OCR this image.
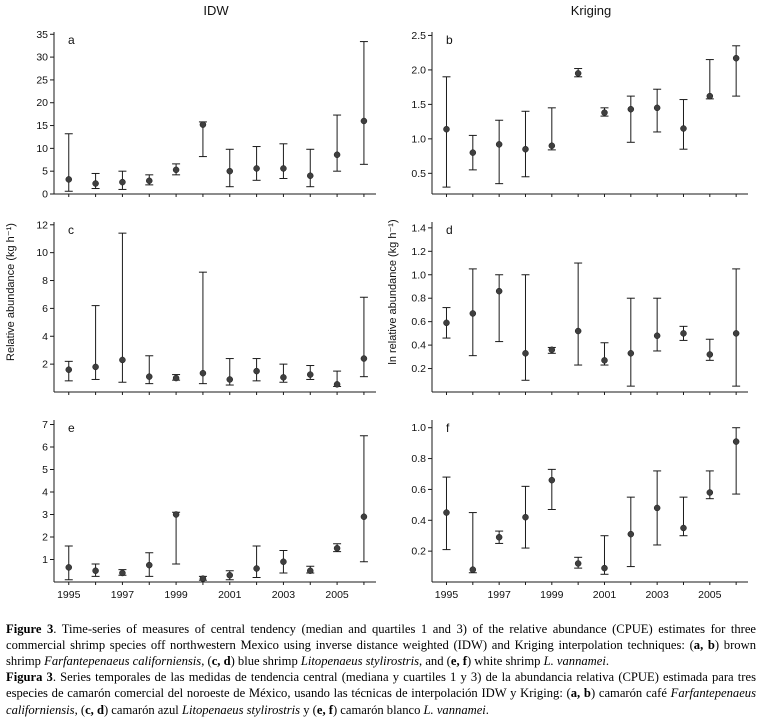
IDW	Kriging
Relative abundance (kg h⁻¹)	ln relative abundance (kg h⁻¹)
0
5
10
15
20
25
30
35 a
0.5
1.0
1.5
2.0
2.5 b
2
4
6
8
10
12 c
0.2
0.4
0.6
0.8
1.0
1.2
1.4 d
1
2
3
4
5
6
7
1995	1997	1999	2001	2003	2005
e
0.2
0.4
0.6
0.8
1.0
1995	1997	1999	2001	2003	2005
f

Figure 3. Time-series of measures of central tendency (median and quartiles 1 and 3) of the relative abundance (CPUE) estimates for three commercial shrimp species off northwestern Mexico using inverse distance weighted (IDW) and Kriging interpolation techniques: (a, b) brown shrimp Farfantepenaeus californiensis, (c, d) blue shrimp Litopenaeus stylirostris, and (e, f) white shrimp L. vannamei.

Figura 3. Series temporales de las medidas de tendencia central (mediana y cuartiles 1 y 3) de la abundancia relativa (CPUE) estimada para tres especies de camarón comercial del noroeste de México, usando las técnicas de interpolación IDW y Kriging: (a, b) camarón café Farfantepenaeus californiensis, (c, d) camarón azul Litopenaeus stylirostris y (e, f) camarón blanco L. vannamei.
